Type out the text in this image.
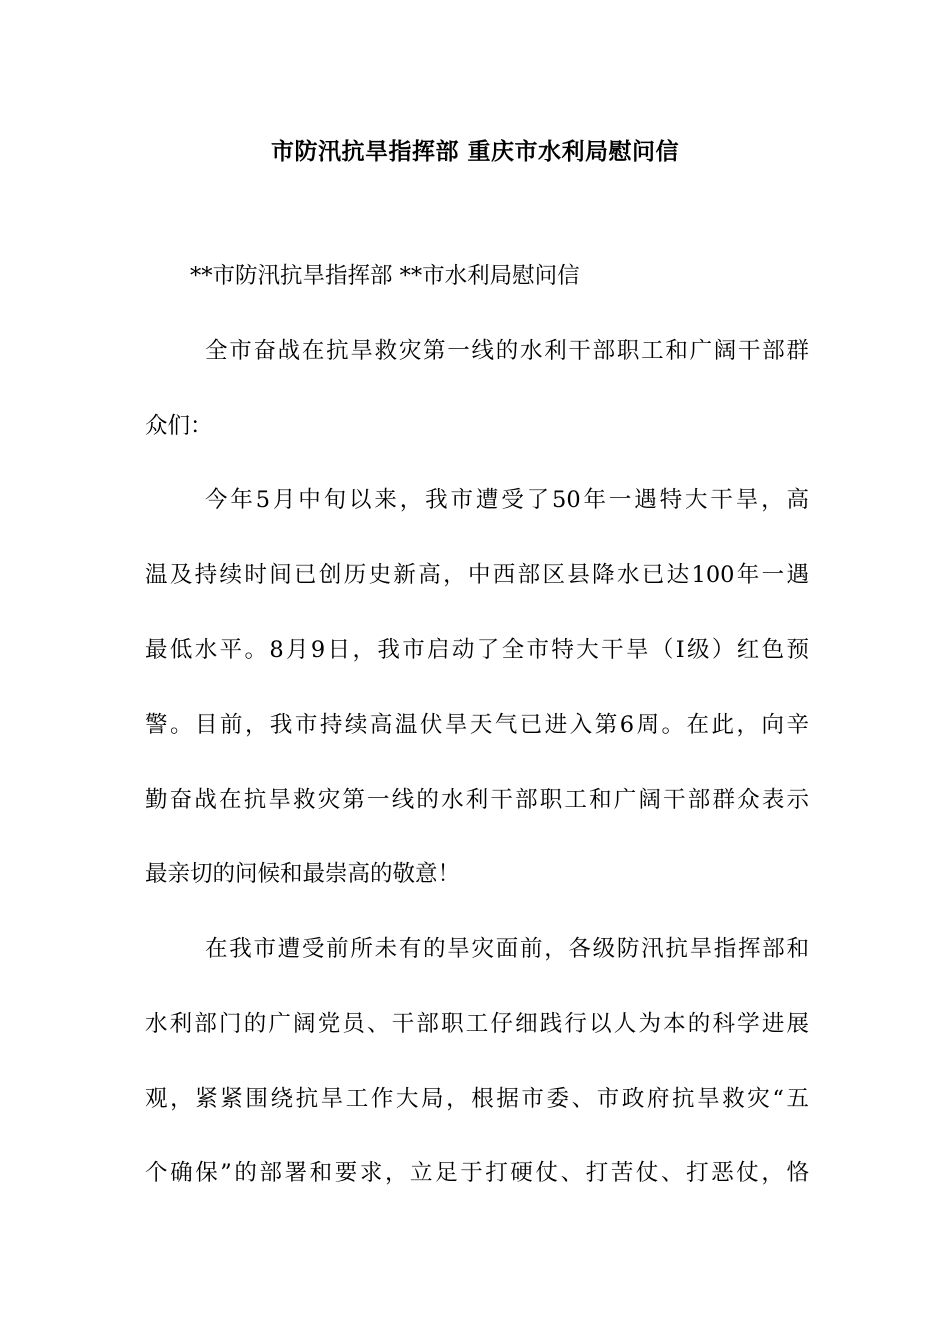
市防汛抗旱指挥部 重庆市水利局慰问信
**市防汛抗旱指挥部 **市水利局慰问信
全市奋战在抗旱救灾第一线的水利干部职工和广阔干部群
众们：
今年5月中旬以来，我市遭受了50年一遇特大干旱，高
温及持续时间已创历史新高，中西部区县降水已达100年一遇
最低水平。8月9日，我市启动了全市特大干旱（Ⅰ级）红色预
警。目前，我市持续高温伏旱天气已进入第6周。在此，向辛
勤奋战在抗旱救灾第一线的水利干部职工和广阔干部群众表示
最亲切的问候和最崇高的敬意！
在我市遭受前所未有的旱灾面前，各级防汛抗旱指挥部和
水利部门的广阔党员、干部职工仔细践行以人为本的科学进展
观，紧紧围绕抗旱工作大局，根据市委、市政府抗旱救灾“五
个确保”的部署和要求，立足于打硬仗、打苦仗、打恶仗，恪
